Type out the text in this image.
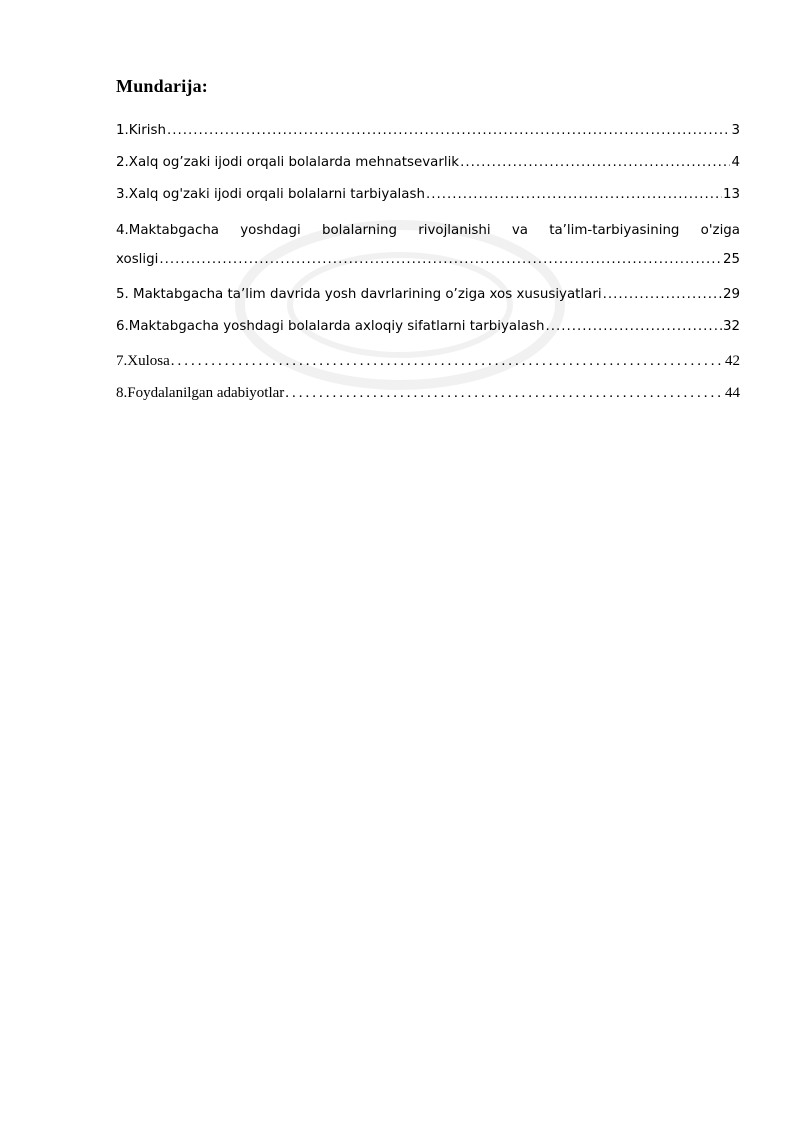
Mundarija:
1.Kirish .....	3
2.Xalq og’zaki ijodi orqali bolalarda mehnatsevarlik .....	4
3.Xalq og'zaki ijodi orqali bolalarni tarbiyalash .....	13
4.Maktabgacha yoshdagi bolalarning rivojlanishi va ta’lim-tarbiyasining o'ziga
xosligi .....	25
5. Maktabgacha ta’lim davrida yosh davrlarining o’ziga xos xususiyatlari .....	29
6.Maktabgacha yoshdagi bolalarda axloqiy sifatlarni tarbiyalash .....	32
7.Xulosa .....	42
8.Foydalanilgan adabiyotlar .....	44
